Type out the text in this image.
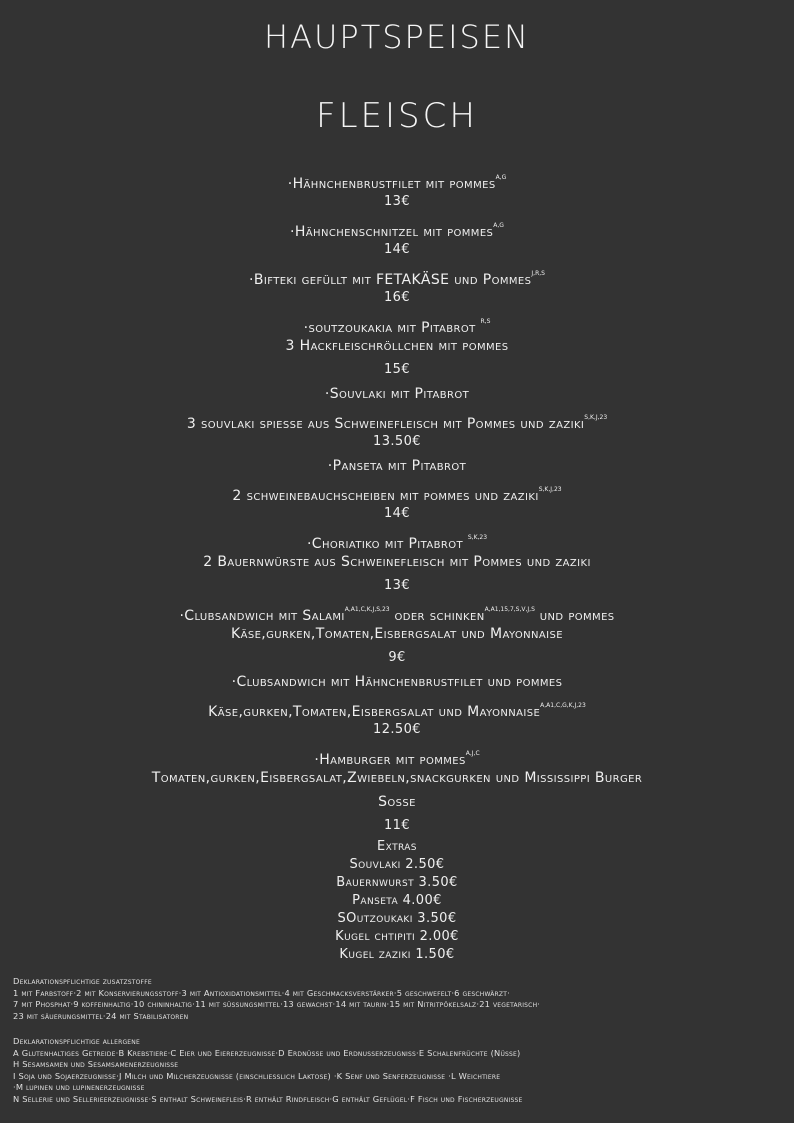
HAUPTSPEISEN
FLEISCH
·Hähnchenbrustfilet mit pommes$^{A,G}$
13€
·Hähnchenschnitzel mit pommes$^{A,G}$
14€
·Bifteki gefüllt mit FETAKÄSE und Pommes$^{J,R,S}$
16€
·soutzoukakia mit Pitabrot $^{R,S}$
3 Hackfleischröllchen mit pommes
15€
·Souvlaki mit Pitabrot
3 souvlaki spiesse aus Schweinefleisch mit Pommes und zaziki$^{S,K,J,23}$
13.50€
·Panseta mit Pitabrot
2 schweinebauchscheiben mit pommes und zaziki$^{S,K,J,23}$
14€
·Choriatiko mit Pitabrot $^{S,K,23}$
2 Bauernwürste aus Schweinefleisch mit Pommes und zaziki
13€
·Clubsandwich mit Salami$^{A,A1,C,K,J,S,23}$ oder schinken$^{A,A1,15,7,S,V,J,S}$ und pommes
Käse,gurken,Tomaten,Eisbergsalat und Mayonnaise
9€
·Clubsandwich mit Hähnchenbrustfilet und pommes
Käse,gurken,Tomaten,Eisbergsalat und Mayonnaise$^{A,A1,C,G,K,J,23}$
12.50€
·Hamburger mit pommes$^{A,J,C}$
Tomaten,gurken,Eisbergsalat,Zwiebeln,snackgurken und Mississippi Burger
Sosse
11€
Extras
Souvlaki 2.50€
Bauernwurst 3.50€
Panseta 4.00€
SOutzoukaki 3.50€
Kugel chtipiti 2.00€
Kugel zaziki 1.50€
Deklarationspflichtige zusatzstoffe
1 mit Farbstoff·2 mit Konservierungsstoff·3 mit Antioxidationsmittel·4 mit Geschmacksverstärker·5 geschwefelt·6 geschwärzt·
7 mit Phosphat·9 koffeinhaltig·10 chininhaltig·11 mit süssungsmittel·13 gewachst·14 mit taurin·15 mit Nitritpökelsalz·21 vegetarisch·
23 mit säuerungsmittel·24 mit Stabilisatoren
Deklarationspflichtige allergene
A Glutenhaltiges Getreide·B Krebstiere·C Eier und Eiererzeugnisse·D Erdnüsse und Erdnusserzeugniss·E Schalenfrüchte (Nüsse)
H Sesamsamen und Sesamsamenerzeugnisse
I Soja und Sojaerzeugnisse·J Milch und Milcherzeugnisse (einschliesslich Laktose) ·K Senf und Senferzeugnisse ·L Weichtiere
·M lupinen und lupinenerzeugnisse
N Sellerie und Sellerieerzeugnisse·S enthalt Schweinefleis·R enthält Rindfleisch·G enthält Geflügel·F Fisch und Fischerzeugnisse
